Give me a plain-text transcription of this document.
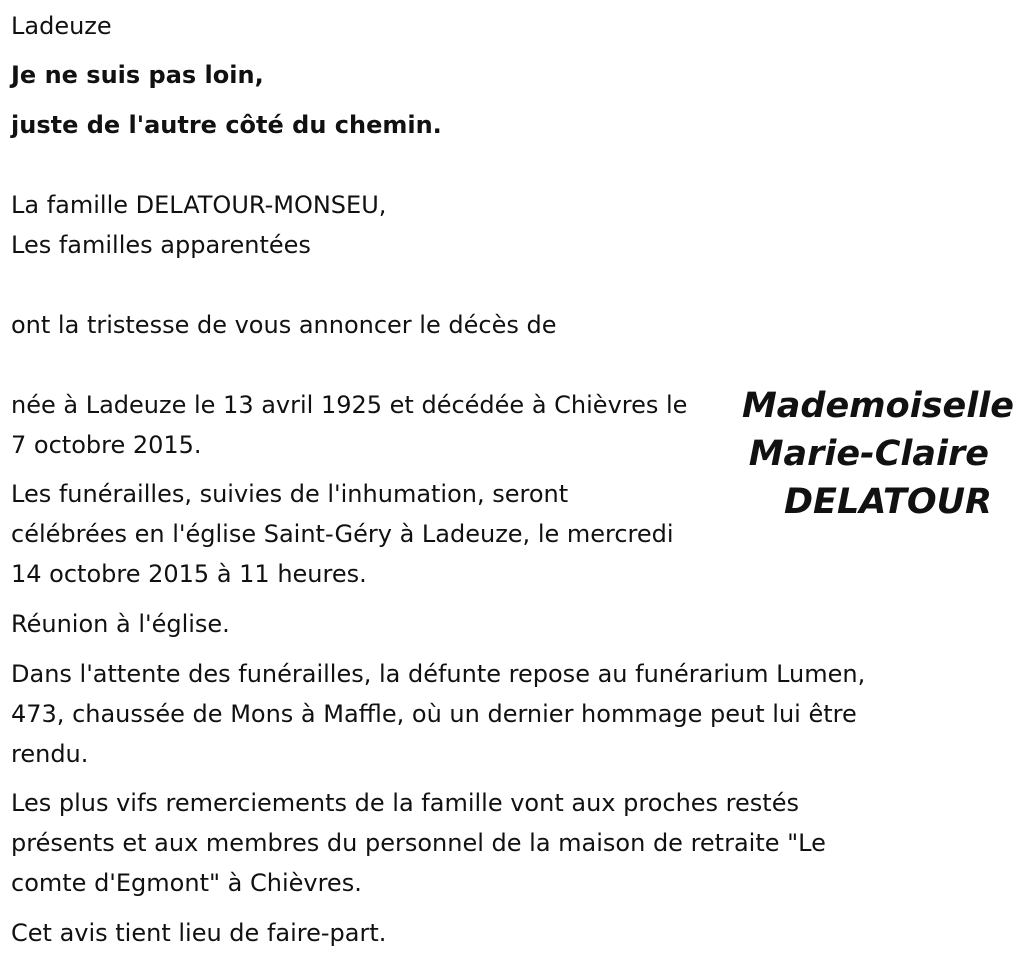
Ladeuze
Je ne suis pas loin,
juste de l'autre côté du chemin.
La famille DELATOUR-MONSEU,
Les familles apparentées
ont la tristesse de vous annoncer le décès de
Mademoiselle
Marie-Claire
DELATOUR
née à Ladeuze le 13 avril 1925 et décédée à Chièvres le
7 octobre 2015.
Les funérailles, suivies de l'inhumation, seront
célébrées en l'église Saint-Géry à Ladeuze, le mercredi
14 octobre 2015 à 11 heures.
Réunion à l'église.
Dans l'attente des funérailles, la défunte repose au funérarium Lumen,
473, chaussée de Mons à Maffle, où un dernier hommage peut lui être
rendu.
Les plus vifs remerciements de la famille vont aux proches restés
présents et aux membres du personnel de la maison de retraite "Le
comte d'Egmont" à Chièvres.
Cet avis tient lieu de faire-part.
